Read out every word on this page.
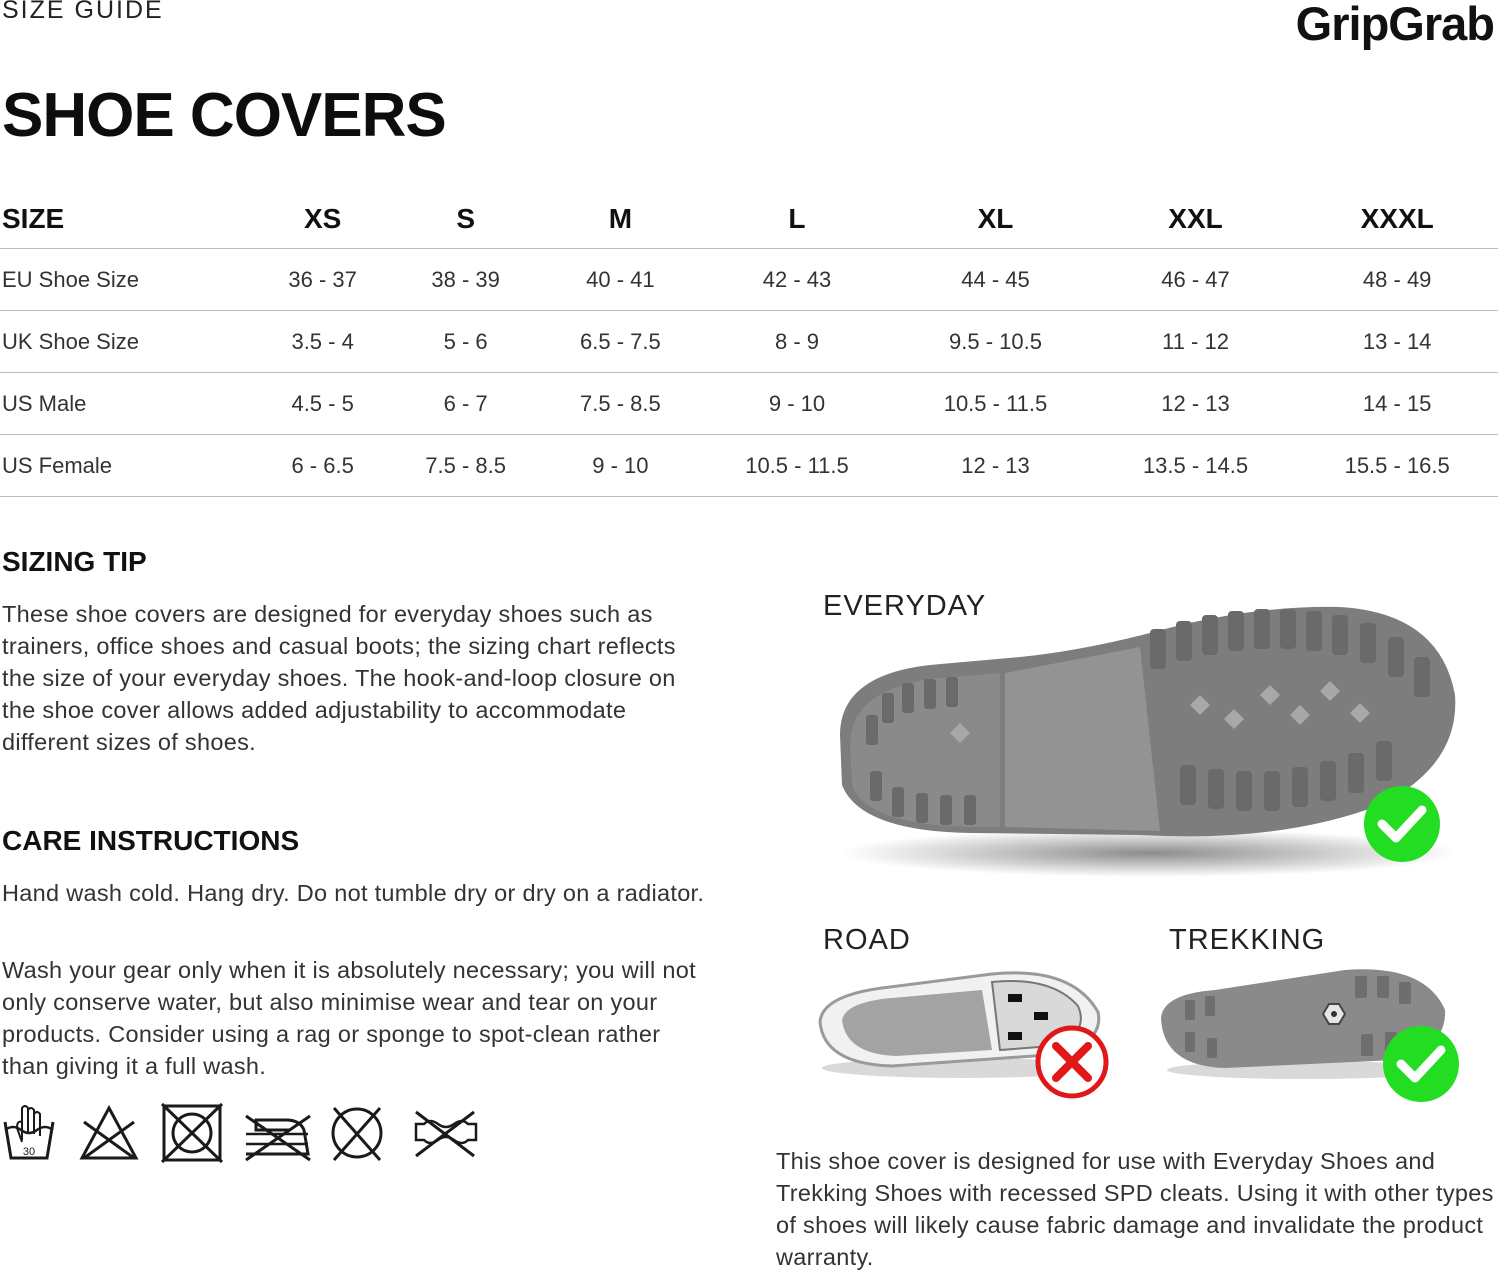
SIZE GUIDE	GripGrab
SHOE COVERS
SIZE	XS	S	M	L	XL	XXL	XXXL
EU Shoe Size	36 - 37	38 - 39	40 - 41	42 - 43	44 - 45	46 - 47	48 - 49
UK Shoe Size	3.5 - 4	5 - 6	6.5 - 7.5	8 - 9	9.5 - 10.5	11 - 12	13 - 14
US Male	4.5 - 5	6 - 7	7.5 - 8.5	9 - 10	10.5 - 11.5	12 - 13	14 - 15
US Female	6 - 6.5	7.5 - 8.5	9 - 10	10.5 - 11.5	12 - 13	13.5 - 14.5	15.5 - 16.5
SIZING TIP
These shoe covers are designed for everyday shoes such as trainers, office shoes and casual boots; the sizing chart reflects the size of your everyday shoes. The hook-and-loop closure on the shoe cover allows added adjustability to accommodate different sizes of shoes.
CARE INSTRUCTIONS
Hand wash cold. Hang dry. Do not tumble dry or dry on a radiator.
Wash your gear only when it is absolutely necessary; you will not only conserve water, but also minimise wear and tear on your products. Consider using a rag or sponge to spot-clean rather than giving it a full wash.
30
EVERYDAY
ROAD	TREKKING
This shoe cover is designed for use with Everyday Shoes and Trekking Shoes with recessed SPD cleats. Using it with other types of shoes will likely cause fabric damage and invalidate the product warranty.
